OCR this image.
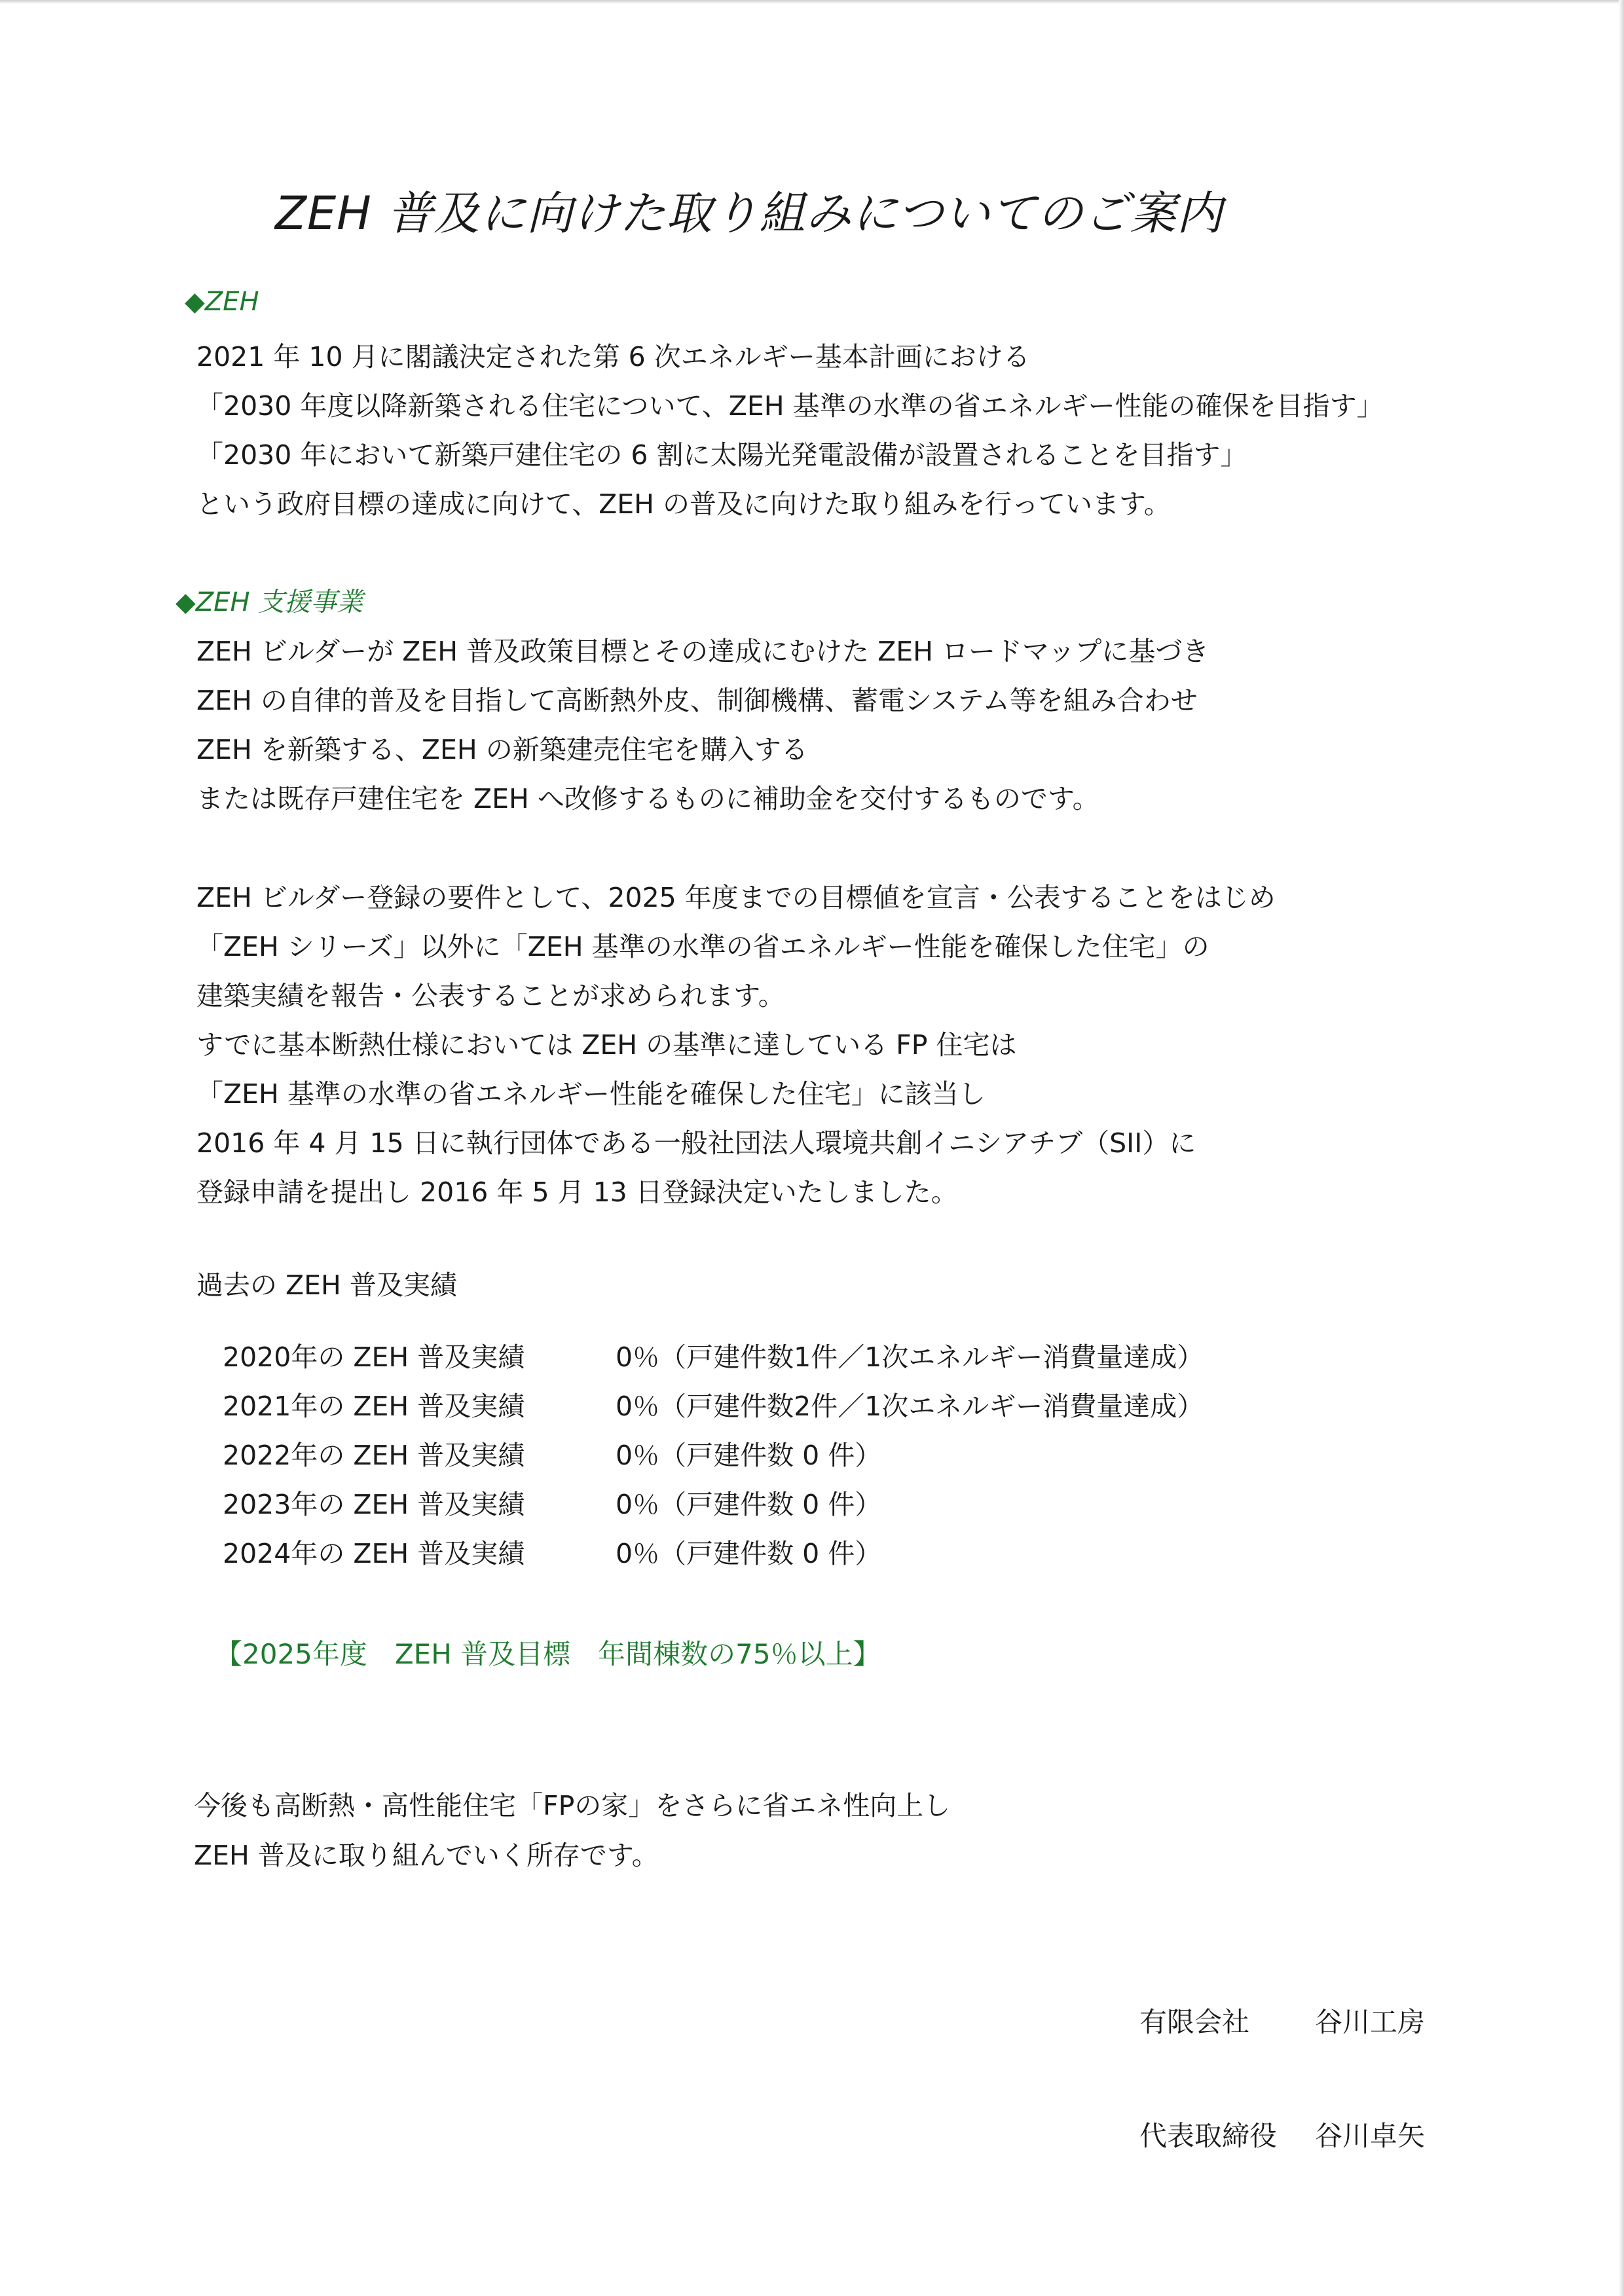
ZEH 普及に向けた取り組みについてのご案内
◆ZEH
2021 年 10 月に閣議決定された第 6 次エネルギー基本計画における
「2030 年度以降新築される住宅について、ZEH 基準の水準の省エネルギー性能の確保を目指す」
「2030 年において新築戸建住宅の 6 割に太陽光発電設備が設置されることを目指す」
という政府目標の達成に向けて、ZEH の普及に向けた取り組みを行っています。
◆ZEH 支援事業
ZEH ビルダーが ZEH 普及政策目標とその達成にむけた ZEH ロードマップに基づき
ZEH の自律的普及を目指して高断熱外皮、制御機構、蓄電システム等を組み合わせ
ZEH を新築する、ZEH の新築建売住宅を購入する
または既存戸建住宅を ZEH へ改修するものに補助金を交付するものです。
ZEH ビルダー登録の要件として、2025 年度までの目標値を宣言・公表することをはじめ
「ZEH シリーズ」以外に「ZEH 基準の水準の省エネルギー性能を確保した住宅」の
建築実績を報告・公表することが求められます。
すでに基本断熱仕様においては ZEH の基準に達している FP 住宅は
「ZEH 基準の水準の省エネルギー性能を確保した住宅」に該当し
2016 年 4 月 15 日に執行団体である一般社団法人環境共創イニシアチブ（SII）に
登録申請を提出し 2016 年 5 月 13 日登録決定いたしました。
過去の ZEH 普及実績
2020年の ZEH 普及実績	0％（戸建件数1件／1次エネルギー消費量達成）
2021年の ZEH 普及実績	0％（戸建件数2件／1次エネルギー消費量達成）
2022年の ZEH 普及実績	0％（戸建件数 0 件）
2023年の ZEH 普及実績	0％（戸建件数 0 件）
2024年の ZEH 普及実績	0％（戸建件数 0 件）
【2025年度　ZEH 普及目標　年間棟数の75％以上】
今後も高断熱・高性能住宅「FPの家」をさらに省エネ性向上し
ZEH 普及に取り組んでいく所存です。

有限会社	谷川工房

代表取締役	谷川卓矢
